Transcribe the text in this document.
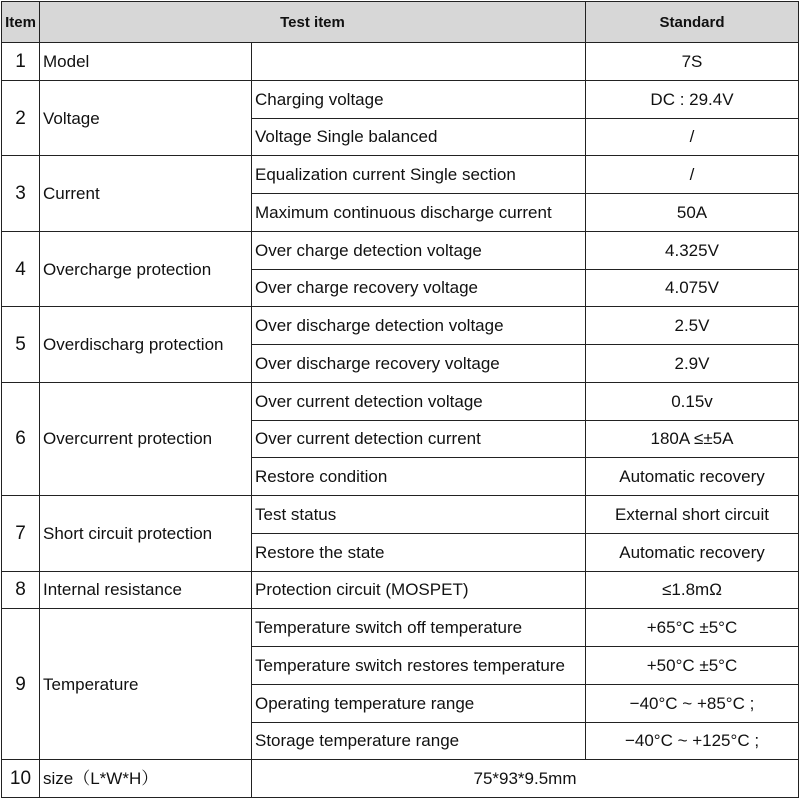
Item	Test item		Standard
1	Model		7S
2	Voltage	Charging voltage	DC : 29.4V
		Voltage Single balanced	/
3	Current	Equalization current Single section	/
		Maximum continuous discharge current	50A
4	Overcharge protection	Over charge detection voltage	4.325V
		Over charge recovery voltage	4.075V
5	Overdischarg protection	Over discharge detection voltage	2.5V
		Over discharge recovery voltage	2.9V
6	Overcurrent protection	Over current detection voltage	0.15v
		Over current detection current	180A ≤±5A
		Restore condition	Automatic recovery
7	Short circuit protection	Test status	External short circuit
		Restore the state	Automatic recovery
8	Internal resistance	Protection circuit (MOSPET)	≤1.8mΩ
9	Temperature	Temperature switch off temperature	+65°C ±5°C
		Temperature switch restores temperature	+50°C ±5°C
		Operating temperature range	−40°C ~ +85°C ;
		Storage temperature range	−40°C ~ +125°C ;
10	size（L*W*H）	75*93*9.5mm	
